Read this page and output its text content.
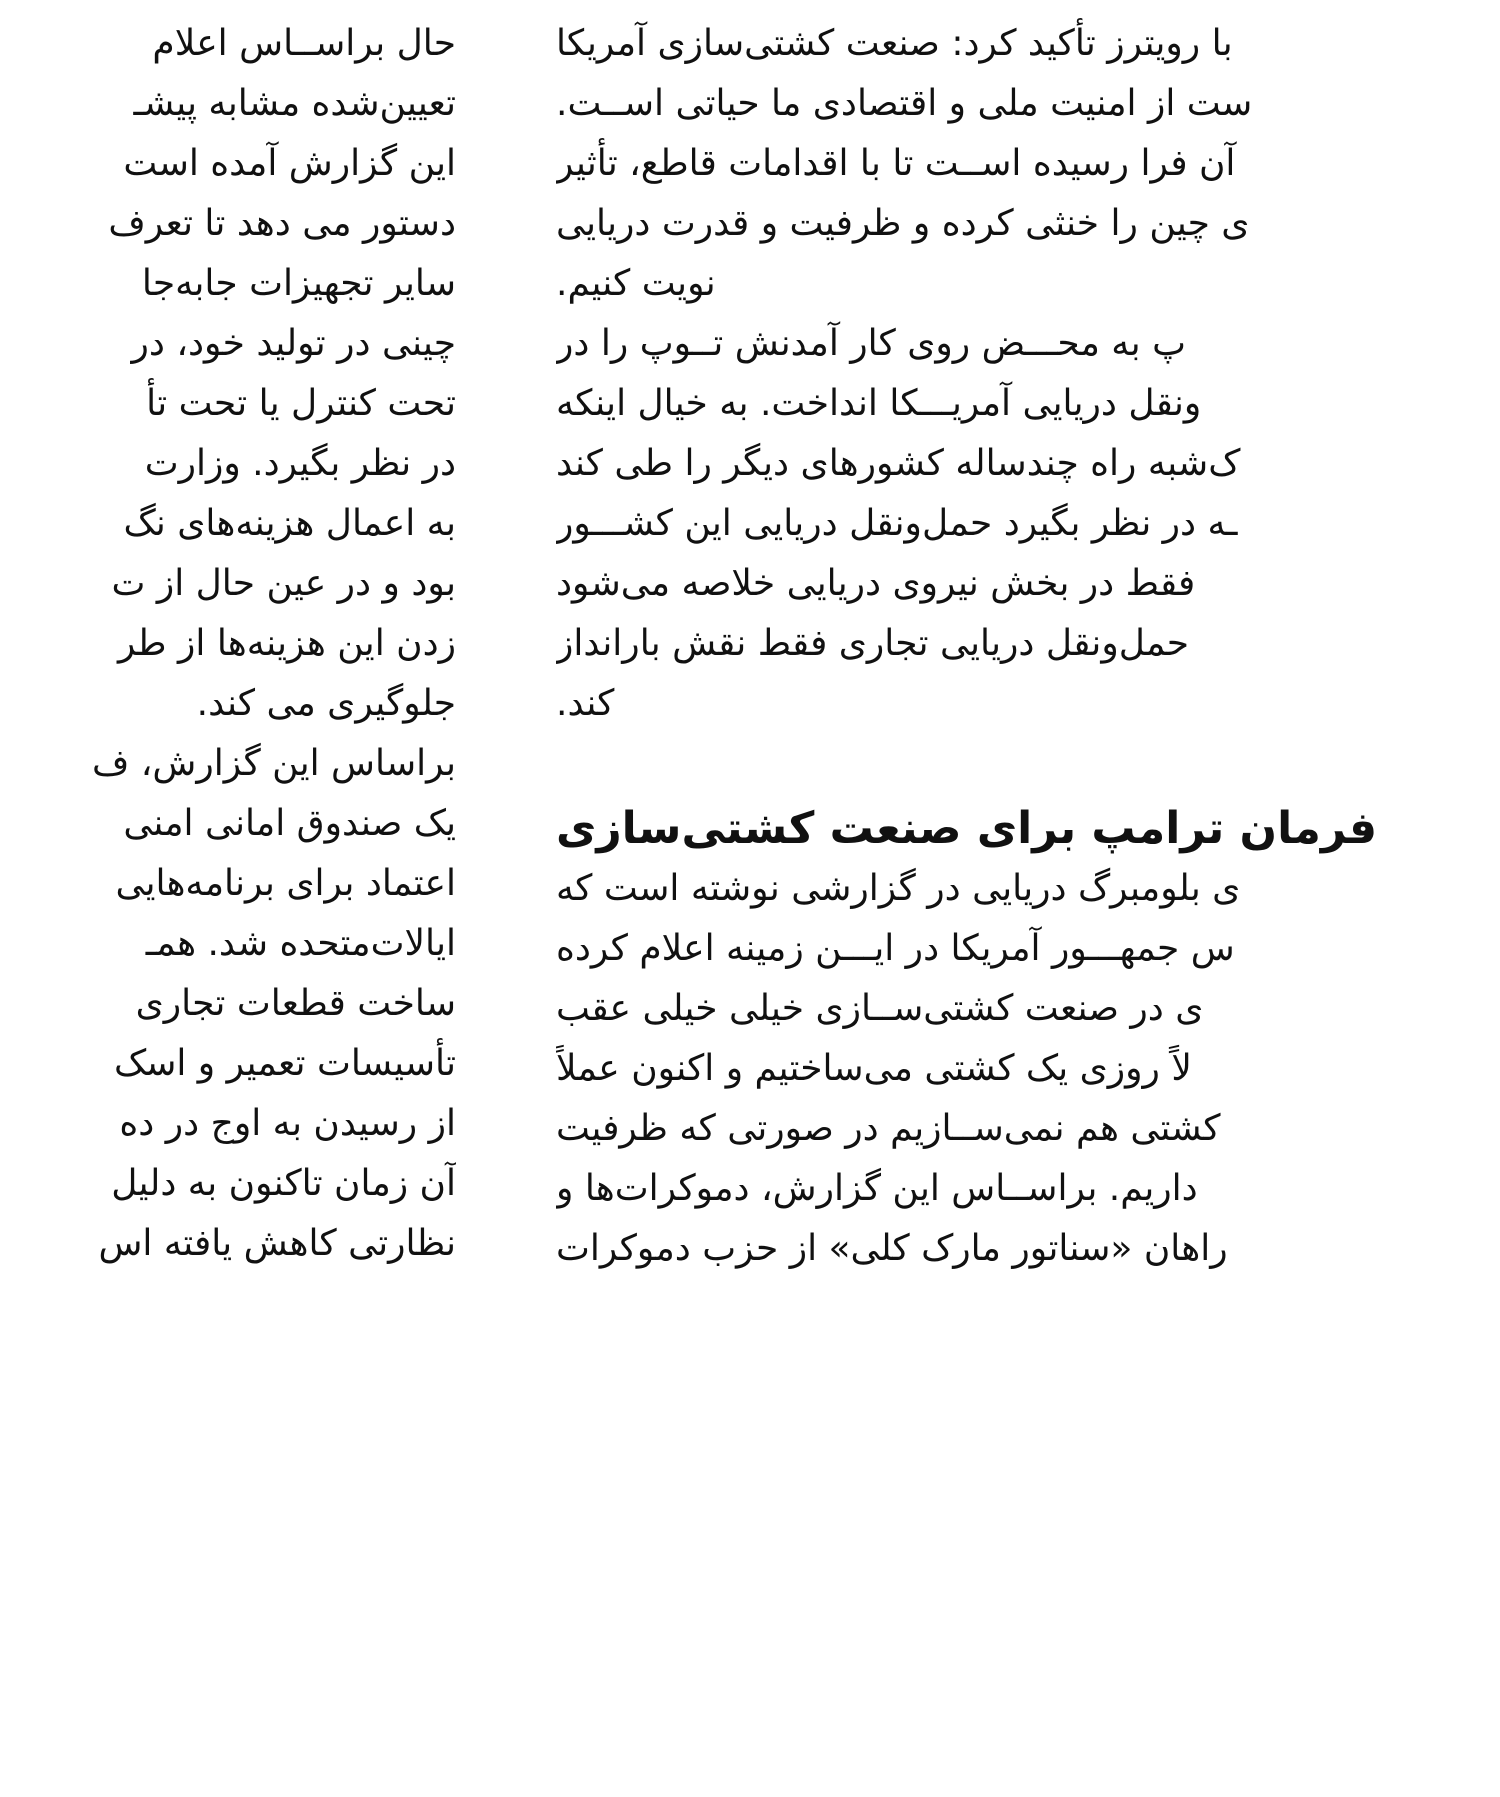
حال براســاس اعلام
تعیین‌شده مشابه پیشـ
این گزارش آمده است
دستور می دهد تا تعرف
سایر تجهیزات جابه‌جا
چینی در تولید خود، در
تحت کنترل یا تحت تأ
در نظر بگیرد. وزارت
به اعمال هزینه‌های نگ
بود و در عین حال از ت
زدن این هزینه‌ها از طر
جلوگیری می کند.
براساس این گزارش، ف
یک صندوق امانی امنی
اعتماد برای برنامه‌هایی
ایالات‌متحده شد. همـ
ساخت قطعات تجاری
تأسیسات تعمیر و اسک
از رسیدن به اوج در ده
آن زمان تاکنون به دلیل
نظارتی کاهش یافته اس
با رویترز تأکید کرد: صنعت کشتی‌سازی آمریکا
ست از امنیت ملی و اقتصادی ما حیاتی اســت.
آن فرا رسیده اســت تا با اقدامات قاطع، تأثیر
ی چین را خنثی کرده و ظرفیت و قدرت دریایی
نویت کنیم.
پ به محـــض روی کار آمدنش تــوپ را در
ونقل دریایی آمریـــکا انداخت. به خیال اینکه
ک‌شبه راه چندساله کشورهای دیگر را طی کند
ـه در نظر بگیرد حمل‌ونقل دریایی این کشـــور
فقط در بخش نیروی دریایی خلاصه می‌شود
حمل‌ونقل دریایی تجاری فقط نقش بارانداز
کند.
فرمان ترامپ برای صنعت کشتی‌سازی
ی بلومبرگ دریایی در گزارشی نوشته است که
س جمهـــور آمریکا در ایـــن زمینه اعلام کرده
ی در صنعت کشتی‌ســازی خیلی خیلی عقب
لاً روزی یک کشتی می‌ساختیم و اکنون عملاً
کشتی هم نمی‌ســازیم در صورتی که ظرفیت
داریم. براســاس این گزارش، دموکرات‌ها و
راهان «سناتور مارک کلی» از حزب دموکرات
